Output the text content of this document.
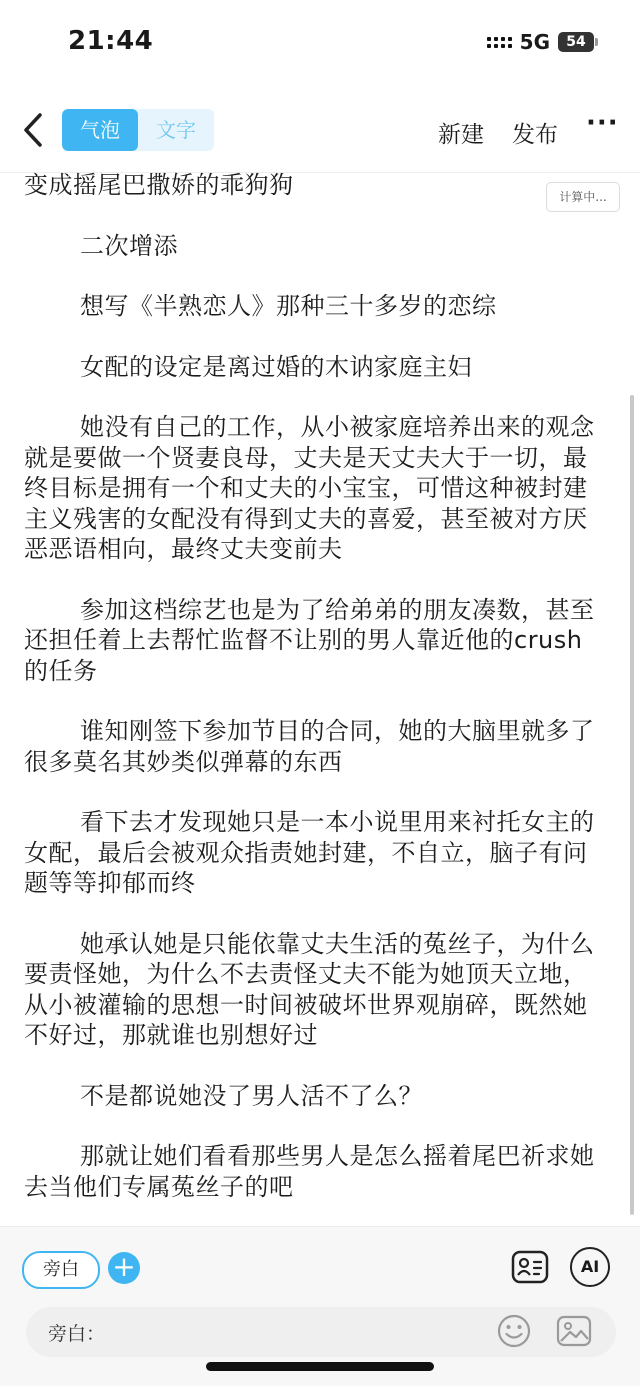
21:44	5G	54
气泡	文字	新建 发布 ···

变成摇尾巴撒娇的乖狗狗

二次增添

想写《半熟恋人》那种三十多岁的恋综

女配的设定是离过婚的木讷家庭主妇

她没有自己的工作，从小被家庭培养出来的观念就是要做一个贤妻良母，丈夫是天丈夫大于一切，最终目标是拥有一个和丈夫的小宝宝，可惜这种被封建主义残害的女配没有得到丈夫的喜爱，甚至被对方厌恶恶语相向，最终丈夫变前夫

参加这档综艺也是为了给弟弟的朋友凑数，甚至还担任着上去帮忙监督不让别的男人靠近他的crush的任务

谁知刚签下参加节目的合同，她的大脑里就多了很多莫名其妙类似弹幕的东西

看下去才发现她只是一本小说里用来衬托女主的女配，最后会被观众指责她封建，不自立，脑子有问题等等抑郁而终

她承认她是只能依靠丈夫生活的菟丝子，为什么要责怪她，为什么不去责怪丈夫不能为她顶天立地，从小被灌输的思想一时间被破坏世界观崩碎，既然她不好过，那就谁也别想好过

不是都说她没了男人活不了么？

那就让她们看看那些男人是怎么摇着尾巴祈求她去当他们专属菟丝子的吧

计算中...
旁白	+	AI
旁白：
